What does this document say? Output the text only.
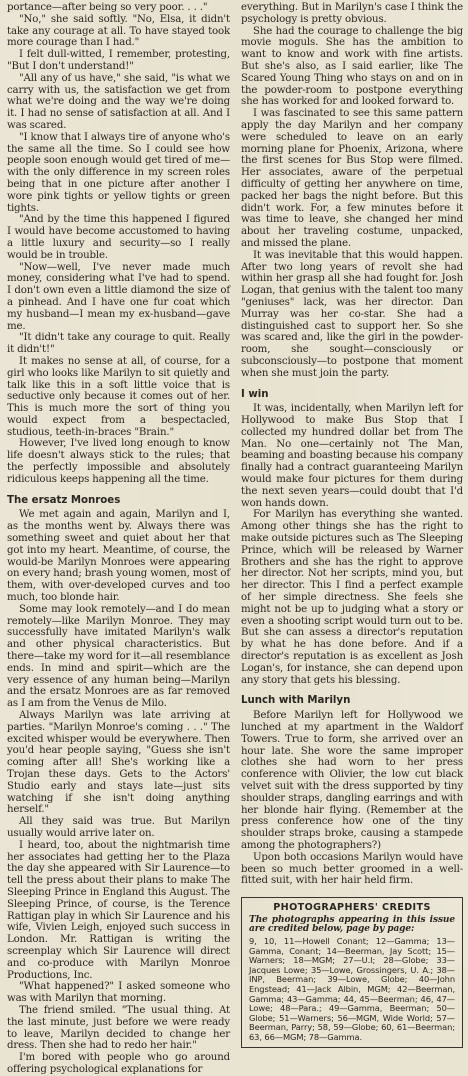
portance—after being so very poor. . . ."

"No," she said softly. "No, Elsa, it didn't take any courage at all. To have stayed took more courage than I had."

I felt dull-witted, I remember, protesting, "But I don't understand!"

"All any of us have," she said, "is what we carry with us, the satisfaction we get from what we're doing and the way we're doing it. I had no sense of satisfaction at all. And I was scared.

"I know that I always tire of anyone who's the same all the time. So I could see how people soon enough would get tired of me—with the only difference in my screen roles being that in one picture after another I wore pink tights or yellow tights or green tights.

"And by the time this happened I figured I would have become accustomed to having a little luxury and security—so I really would be in trouble.

"Now—well, I've never made much money, considering what I've had to spend. I don't own even a little diamond the size of a pinhead. And I have one fur coat which my husband—I mean my ex-husband—gave me.

"It didn't take any courage to quit. Really it didn't!"

It makes no sense at all, of course, for a girl who looks like Marilyn to sit quietly and talk like this in a soft little voice that is seductive only because it comes out of her. This is much more the sort of thing you would expect from a bespectacled, studious, teeth-in-braces "Brain."

However, I've lived long enough to know life doesn't always stick to the rules; that the perfectly impossible and absolutely ridiculous keeps happening all the time.

The ersatz Monroes

We met again and again, Marilyn and I, as the months went by. Always there was something sweet and quiet about her that got into my heart. Meantime, of course, the would-be Marilyn Monroes were appearing on every hand; brash young women, most of them, with over-developed curves and too much, too blonde hair.

Some may look remotely—and I do mean remotely—like Marilyn Monroe. They may successfully have imitated Marilyn's walk and other physical characteristics. But there—take my word for it—all resemblance ends. In mind and spirit—which are the very essence of any human being—Marilyn and the ersatz Monroes are as far removed as I am from the Venus de Milo.

Always Marilyn was late arriving at parties. "Marilyn Monroe's coming . . ." The excited whisper would be everywhere. Then you'd hear people saying, "Guess she isn't coming after all! She's working like a Trojan these days. Gets to the Actors' Studio early and stays late—just sits watching if she isn't doing anything herself."

All they said was true. But Marilyn usually would arrive later on.

I heard, too, about the nightmarish time her associates had getting her to the Plaza the day she appeared with Sir Laurence—to tell the press about their plans to make The Sleeping Prince in England this August. The Sleeping Prince, of course, is the Terence Rattigan play in which Sir Laurence and his wife, Vivien Leigh, enjoyed such success in London. Mr. Rattigan is writing the screenplay which Sir Laurence will direct and co-produce with Marilyn Monroe Productions, Inc.

"What happened?" I asked someone who was with Marilyn that morning.

The friend smiled. "The usual thing. At the last minute, just before we were ready to leave, Marilyn decided to change her dress. Then she had to redo her hair."

I'm bored with people who go around offering psychological explanations for

everything. But in Marilyn's case I think the psychology is pretty obvious.

She had the courage to challenge the big movie moguls. She has the ambition to want to know and work with fine artists. But she's also, as I said earlier, like The Scared Young Thing who stays on and on in the powder-room to postpone everything she has worked for and looked forward to.

I was fascinated to see this same pattern apply the day Marilyn and her company were scheduled to leave on an early morning plane for Phoenix, Arizona, where the first scenes for Bus Stop were filmed. Her associates, aware of the perpetual difficulty of getting her anywhere on time, packed her bags the night before. But this didn't work. For, a few minutes before it was time to leave, she changed her mind about her traveling costume, unpacked, and missed the plane.

It was inevitable that this would happen. After two long years of revolt she had within her grasp all she had fought for. Josh Logan, that genius with the talent too many "geniuses" lack, was her director. Dan Murray was her co-star. She had a distinguished cast to support her. So she was scared and, like the girl in the powder-room, she sought—consciously or subconsciously—to postpone that moment when she must join the party.

I win

It was, incidentally, when Marilyn left for Hollywood to make Bus Stop that I collected my hundred dollar bet from The Man. No one—certainly not The Man, beaming and boasting because his company finally had a contract guaranteeing Marilyn would make four pictures for them during the next seven years—could doubt that I'd won hands down.

For Marilyn has everything she wanted. Among other things she has the right to make outside pictures such as The Sleeping Prince, which will be released by Warner Brothers and she has the right to approve her director. Not her scripts, mind you, but her director. This I find a perfect example of her simple directness. She feels she might not be up to judging what a story or even a shooting script would turn out to be. But she can assess a director's reputation by what he has done before. And if a director's reputation is as excellent as Josh Logan's, for instance, she can depend upon any story that gets his blessing.

Lunch with Marilyn

Before Marilyn left for Hollywood we lunched at my apartment in the Waldorf Towers. True to form, she arrived over an hour late. She wore the same improper clothes she had worn to her press conference with Olivier, the low cut black velvet suit with the dress supported by tiny shoulder straps, dangling earrings and with her blonde hair flying. (Remember at the press conference how one of the tiny shoulder straps broke, causing a stampede among the photographers?)

Upon both occasions Marilyn would have been so much better groomed in a well-fitted suit, with her hair held firm.

PHOTOGRAPHERS' CREDITS
The photographs appearing in this issue are credited below, page by page:
9, 10, 11—Howell Conant; 12—Gamma; 13—Gamma, Conant; 14—Beerman, Jay Scott; 15—Warners; 18—MGM; 27—U.I; 28—Globe; 33—Jacques Lowe; 35—Lowe, Grossingers, U. A.; 38—INP, Beerman; 39—Lowe, Globe; 40—John Engstead; 41—Jack Albin, MGM; 42—Beerman, Gamma; 43—Gamma; 44, 45—Beerman; 46, 47—Lowe; 48—Para.; 49—Gamma, Beerman; 50—Globe; 51—Warners; 56—MGM, Wide World; 57—Beerman, Parry; 58, 59—Globe; 60, 61—Beerman; 63, 66—MGM; 78—Gamma.
